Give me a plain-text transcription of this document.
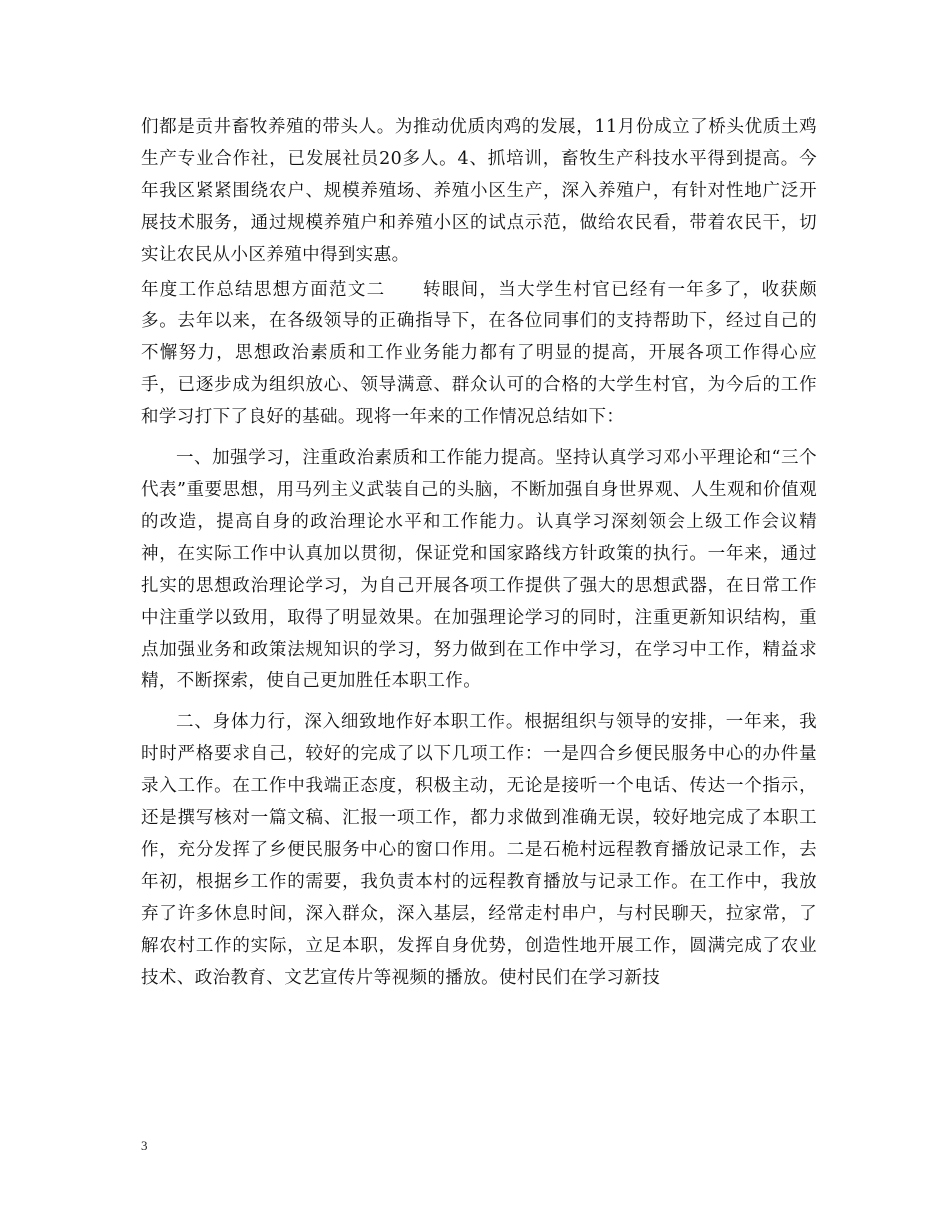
们都是贡井畜牧养殖的带头人。为推动优质肉鸡的发展，11月份成立了桥头优质土鸡生产专业合作社，已发展社员20多人。4、抓培训，畜牧生产科技水平得到提高。今年我区紧紧围绕农户、规模养殖场、养殖小区生产，深入养殖户，有针对性地广泛开展技术服务，通过规模养殖户和养殖小区的试点示范，做给农民看，带着农民干，切实让农民从小区养殖中得到实惠。

年度工作总结思想方面范文二　　转眼间，当大学生村官已经有一年多了，收获颇多。去年以来，在各级领导的正确指导下，在各位同事们的支持帮助下，经过自己的不懈努力，思想政治素质和工作业务能力都有了明显的提高，开展各项工作得心应手，已逐步成为组织放心、领导满意、群众认可的合格的大学生村官，为今后的工作和学习打下了良好的基础。现将一年来的工作情况总结如下：

一、加强学习，注重政治素质和工作能力提高。坚持认真学习邓小平理论和“三个代表”重要思想，用马列主义武装自己的头脑，不断加强自身世界观、人生观和价值观的改造，提高自身的政治理论水平和工作能力。认真学习深刻领会上级工作会议精神，在实际工作中认真加以贯彻，保证党和国家路线方针政策的执行。一年来，通过扎实的思想政治理论学习，为自己开展各项工作提供了强大的思想武器，在日常工作中注重学以致用，取得了明显效果。在加强理论学习的同时，注重更新知识结构，重点加强业务和政策法规知识的学习，努力做到在工作中学习，在学习中工作，精益求精，不断探索，使自己更加胜任本职工作。

二、身体力行，深入细致地作好本职工作。根据组织与领导的安排，一年来，我时时严格要求自己，较好的完成了以下几项工作：一是四合乡便民服务中心的办件量录入工作。在工作中我端正态度，积极主动，无论是接听一个电话、传达一个指示，还是撰写核对一篇文稿、汇报一项工作，都力求做到准确无误，较好地完成了本职工作，充分发挥了乡便民服务中心的窗口作用。二是石桅村远程教育播放记录工作，去年初，根据乡工作的需要，我负责本村的远程教育播放与记录工作。在工作中，我放弃了许多休息时间，深入群众，深入基层，经常走村串户，与村民聊天，拉家常，了解农村工作的实际，立足本职，发挥自身优势，创造性地开展工作，圆满完成了农业技术、政治教育、文艺宣传片等视频的播放。使村民们在学习新技

3
